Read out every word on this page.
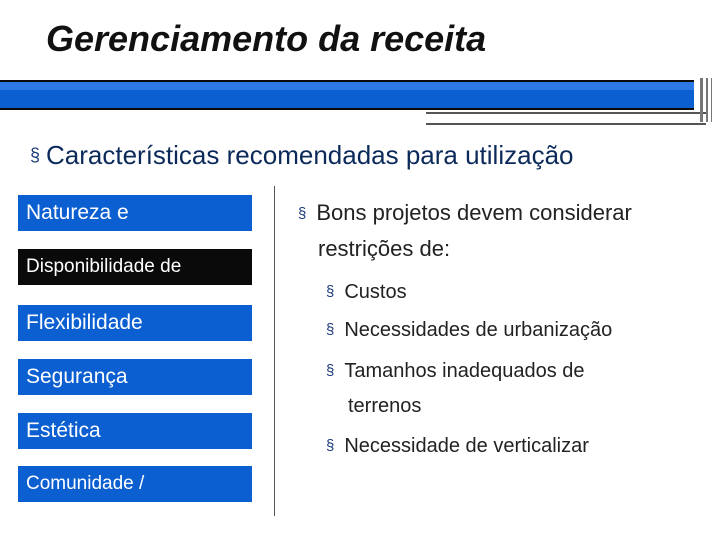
Gerenciamento da receita
§ Características recomendadas para utilização
Natureza e
Disponibilidade de
Flexibilidade
Segurança
Estética
Comunidade /
§ Bons projetos devem considerar
restrições de:
§ Custos
§ Necessidades de urbanização
§ Tamanhos inadequados de
terrenos
§ Necessidade de verticalizar
